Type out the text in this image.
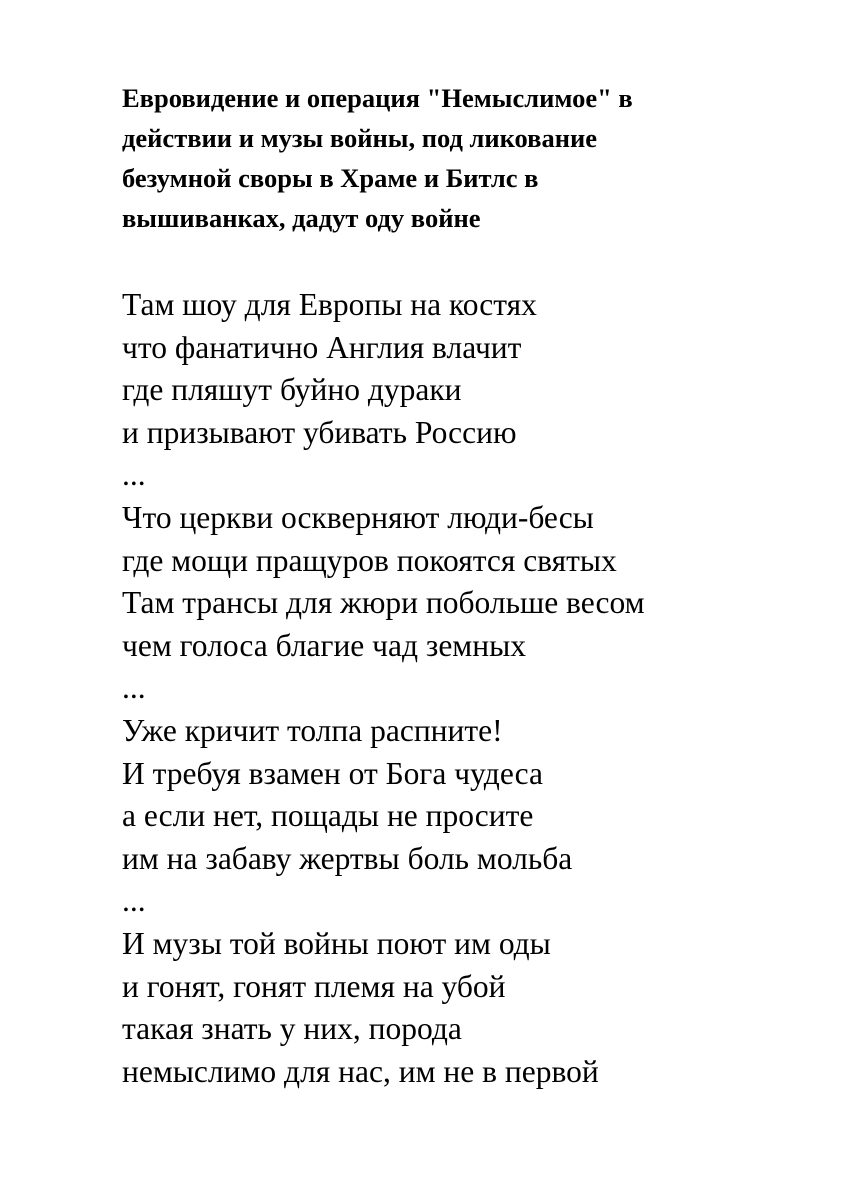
Евровидение и операция "Немыслимое" в
действии и музы войны, под ликование
безумной своры в Храме и Битлс в
вышиванках, дадут оду войне
Там шоу для Европы на костях
что фанатично Англия влачит
где пляшут буйно дураки
и призывают убивать Россию
...
Что церкви оскверняют люди-бесы
где мощи пращуров покоятся святых
Там трансы для жюри побольше весом
чем голоса благие чад земных
...
Уже кричит толпа распните!
И требуя взамен от Бога чудеса
а если нет, пощады не просите
им на забаву жертвы боль мольба
...
И музы той войны поют им оды
и гонят, гонят племя на убой
такая знать у них, порода
немыслимо для нас, им не в первой
